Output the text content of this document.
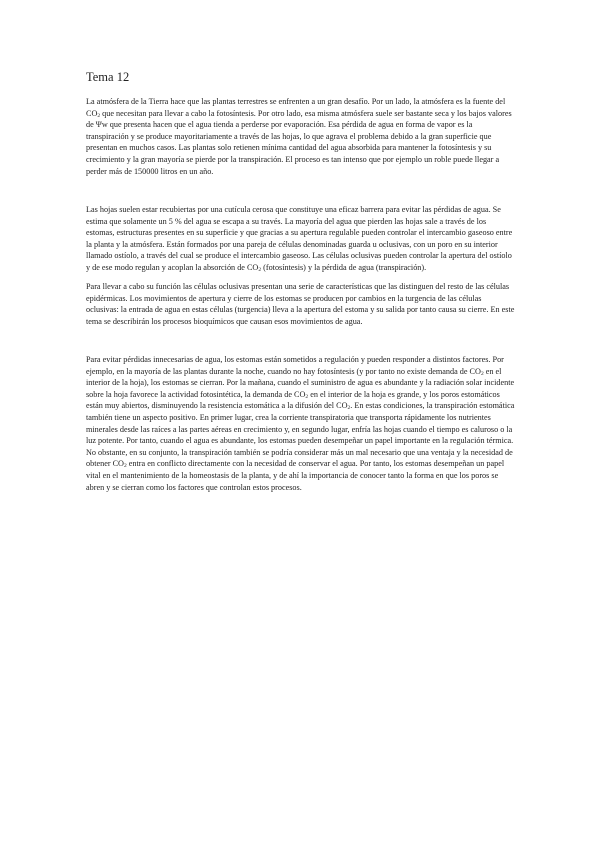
Tema 12

La atmósfera de la Tierra hace que las plantas terrestres se enfrenten a un gran desafío. Por un lado, la atmósfera es la fuente del $CO_2$ que necesitan para llevar a cabo la fotosíntesis. Por otro lado, esa misma atmósfera suele ser bastante seca y los bajos valores de Ψw que presenta hacen que el agua tienda a perderse por evaporación. Esa pérdida de agua en forma de vapor es la transpiración y se produce mayoritariamente a través de las hojas, lo que agrava el problema debido a la gran superficie que presentan en muchos casos. Las plantas solo retienen mínima cantidad del agua absorbida para mantener la fotosíntesis y su crecimiento y la gran mayoría se pierde por la transpiración. El proceso es tan intenso que por ejemplo un roble puede llegar a perder más de 150000 litros en un año.

Las hojas suelen estar recubiertas por una cutícula cerosa que constituye una eficaz barrera para evitar las pérdidas de agua. Se estima que solamente un 5 % del agua se escapa a su través. La mayoría del agua que pierden las hojas sale a través de los estomas, estructuras presentes en su superficie y que gracias a su apertura regulable pueden controlar el intercambio gaseoso entre la planta y la atmósfera. Están formados por una pareja de células denominadas guarda u oclusivas, con un poro en su interior llamado ostíolo, a través del cual se produce el intercambio gaseoso. Las células oclusivas pueden controlar la apertura del ostíolo y de ese modo regulan y acoplan la absorción de $CO_2$ (fotosíntesis) y la pérdida de agua (transpiración).

Para llevar a cabo su función las células oclusivas presentan una serie de características que las distinguen del resto de las células epidérmicas. Los movimientos de apertura y cierre de los estomas se producen por cambios en la turgencia de las células oclusivas: la entrada de agua en estas células (turgencia) lleva a la apertura del estoma y su salida por tanto causa su cierre. En este tema se describirán los procesos bioquímicos que causan esos movimientos de agua.

Para evitar pérdidas innecesarias de agua, los estomas están sometidos a regulación y pueden responder a distintos factores. Por ejemplo, en la mayoría de las plantas durante la noche, cuando no hay fotosíntesis (y por tanto no existe demanda de $CO_2$ en el interior de la hoja), los estomas se cierran. Por la mañana, cuando el suministro de agua es abundante y la radiación solar incidente sobre la hoja favorece la actividad fotosintética, la demanda de $CO_2$ en el interior de la hoja es grande, y los poros estomáticos están muy abiertos, disminuyendo la resistencia estomática a la difusión del $CO_2$. En estas condiciones, la transpiración estomática también tiene un aspecto positivo. En primer lugar, crea la corriente transpiratoria que transporta rápidamente los nutrientes minerales desde las raíces a las partes aéreas en crecimiento y, en segundo lugar, enfría las hojas cuando el tiempo es caluroso o la luz potente. Por tanto, cuando el agua es abundante, los estomas pueden desempeñar un papel importante en la regulación térmica. No obstante, en su conjunto, la transpiración también se podría considerar más un mal necesario que una ventaja y la necesidad de obtener $CO_2$ entra en conflicto directamente con la necesidad de conservar el agua. Por tanto, los estomas desempeñan un papel vital en el mantenimiento de la homeostasis de la planta, y de ahí la importancia de conocer tanto la forma en que los poros se abren y se cierran como los factores que controlan estos procesos.
